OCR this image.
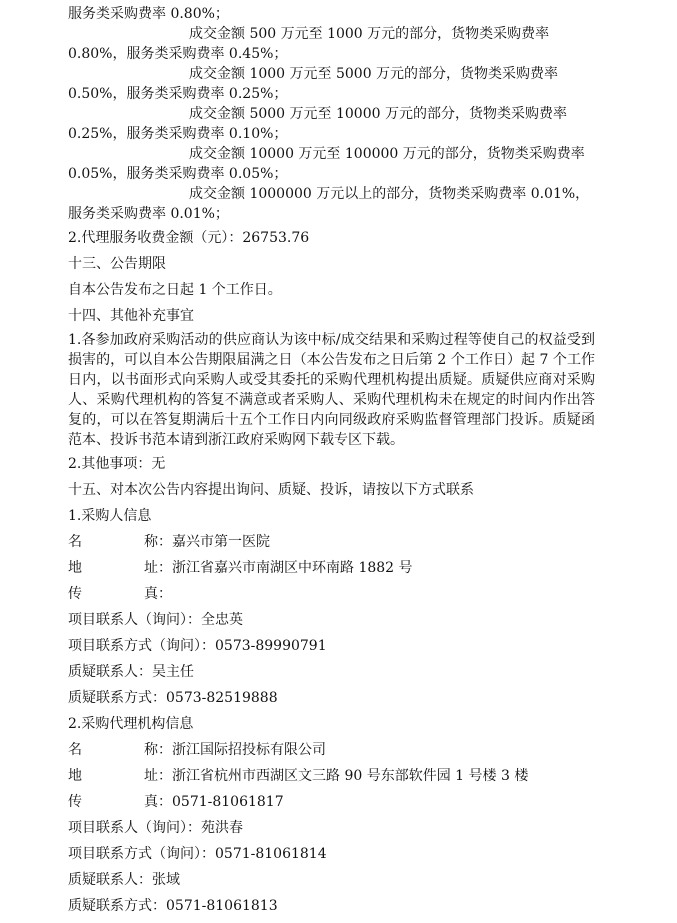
服务类采购费率 0.80%；
成交金额 500 万元至 1000 万元的部分，货物类采购费率
0.80%，服务类采购费率 0.45%；
成交金额 1000 万元至 5000 万元的部分，货物类采购费率
0.50%，服务类采购费率 0.25%；
成交金额 5000 万元至 10000 万元的部分，货物类采购费率
0.25%，服务类采购费率 0.10%；
成交金额 10000 万元至 100000 万元的部分，货物类采购费率
0.05%，服务类采购费率 0.05%；
成交金额 1000000 万元以上的部分，货物类采购费率 0.01%，
服务类采购费率 0.01%；
2.代理服务收费金额（元）：26753.76
十三、公告期限
自本公告发布之日起 1 个工作日。
十四、其他补充事宜
1.各参加政府采购活动的供应商认为该中标/成交结果和采购过程等使自己的权益受到损害的，可以自本公告期限届满之日（本公告发布之日后第 2 个工作日）起 7 个工作日内，以书面形式向采购人或受其委托的采购代理机构提出质疑。质疑供应商对采购人、采购代理机构的答复不满意或者采购人、采购代理机构未在规定的时间内作出答复的，可以在答复期满后十五个工作日内向同级政府采购监督管理部门投诉。质疑函范本、投诉书范本请到浙江政府采购网下载专区下载。
2.其他事项：无
十五、对本次公告内容提出询问、质疑、投诉，请按以下方式联系
1.采购人信息
名	称： 嘉兴市第一医院
地	址： 浙江省嘉兴市南湖区中环南路 1882 号
传	真：
项目联系人（询问）：全忠英
项目联系方式（询问）：0573-89990791
质疑联系人：吴主任
质疑联系方式：0573-82519888
2.采购代理机构信息
名	称： 浙江国际招投标有限公司
地	址： 浙江省杭州市西湖区文三路 90 号东部软件园 1 号楼 3 楼
传	真： 0571-81061817
项目联系人（询问）：苑洪春
项目联系方式（询问）：0571-81061814
质疑联系人：张域
质疑联系方式：0571-81061813
